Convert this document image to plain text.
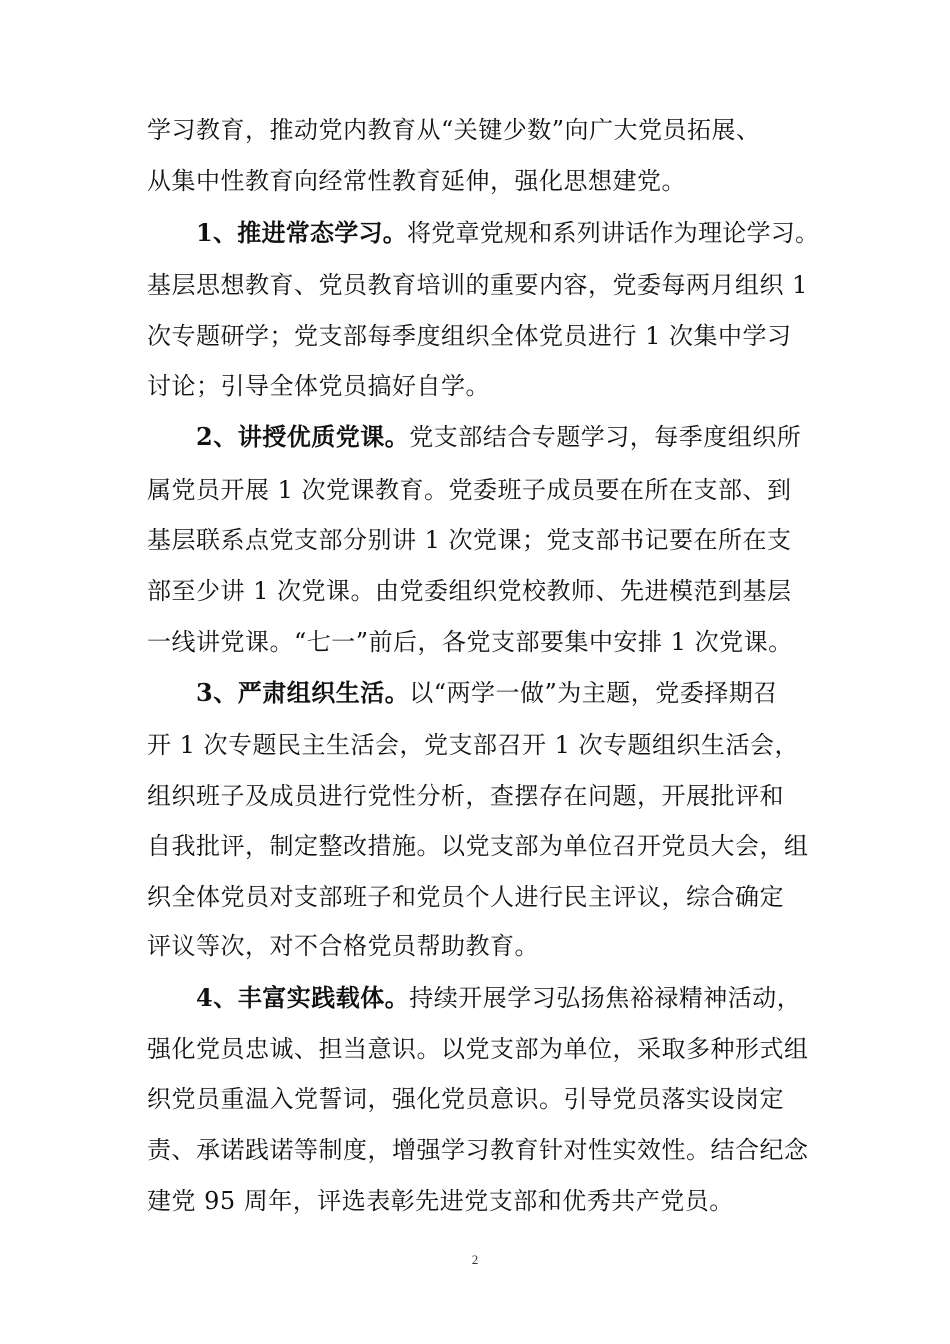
学习教育，推动党内教育从“关键少数”向广大党员拓展、
从集中性教育向经常性教育延伸，强化思想建党。
1、推进常态学习。将党章党规和系列讲话作为理论学习。
基层思想教育、党员教育培训的重要内容，党委每两月组织 1
次专题研学；党支部每季度组织全体党员进行 1 次集中学习
讨论；引导全体党员搞好自学。
2、讲授优质党课。党支部结合专题学习，每季度组织所
属党员开展 1 次党课教育。党委班子成员要在所在支部、到
基层联系点党支部分别讲 1 次党课；党支部书记要在所在支
部至少讲 1 次党课。由党委组织党校教师、先进模范到基层
一线讲党课。“七一”前后，各党支部要集中安排 1 次党课。
3、严肃组织生活。以“两学一做”为主题，党委择期召
开 1 次专题民主生活会，党支部召开 1 次专题组织生活会，
组织班子及成员进行党性分析，查摆存在问题，开展批评和
自我批评，制定整改措施。以党支部为单位召开党员大会，组
织全体党员对支部班子和党员个人进行民主评议，综合确定
评议等次，对不合格党员帮助教育。
4、丰富实践载体。持续开展学习弘扬焦裕禄精神活动，
强化党员忠诚、担当意识。以党支部为单位，采取多种形式组
织党员重温入党誓词，强化党员意识。引导党员落实设岗定
责、承诺践诺等制度，增强学习教育针对性实效性。结合纪念
建党 95 周年，评选表彰先进党支部和优秀共产党员。
2
